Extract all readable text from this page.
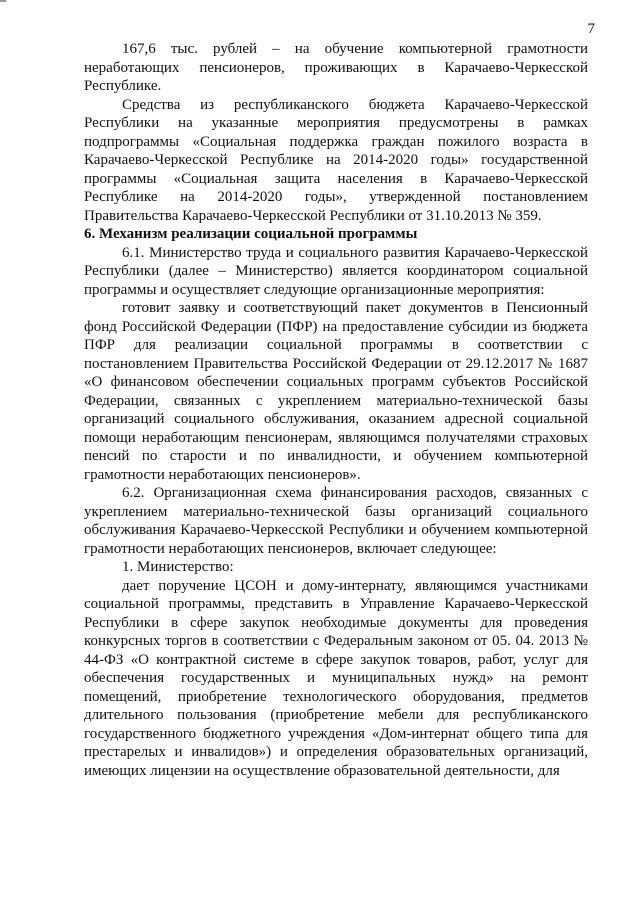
7

167,6 тыс. рублей – на обучение компьютерной грамотности неработающих пенсионеров, проживающих в Карачаево-Черкесской Республике.

Средства из республиканского бюджета Карачаево-Черкесской Республики на указанные мероприятия предусмотрены в рамках подпрограммы «Социальная поддержка граждан пожилого возраста в Карачаево-Черкесской Республике на 2014-2020 годы» государственной программы «Социальная защита населения в Карачаево-Черкесской Республике на 2014-2020 годы», утвержденной постановлением Правительства Карачаево-Черкесской Республики от 31.10.2013 № 359.

6. Механизм реализации социальной программы

6.1. Министерство труда и социального развития Карачаево-Черкесской Республики (далее – Министерство) является координатором социальной программы и осуществляет следующие организационные мероприятия:

готовит заявку и соответствующий пакет документов в Пенсионный фонд Российской Федерации (ПФР) на предоставление субсидии из бюджета ПФР для реализации социальной программы в соответствии с постановлением Правительства Российской Федерации от 29.12.2017 № 1687 «О финансовом обеспечении социальных программ субъектов Российской Федерации, связанных с укреплением материально-технической базы организаций социального обслуживания, оказанием адресной социальной помощи неработающим пенсионерам, являющимся получателями страховых пенсий по старости и по инвалидности, и обучением компьютерной грамотности неработающих пенсионеров».

6.2. Организационная схема финансирования расходов, связанных с укреплением материально-технической базы организаций социального обслуживания Карачаево-Черкесской Республики и обучением компьютерной грамотности неработающих пенсионеров, включает следующее:

1. Министерство:

дает поручение ЦСОН и дому-интернату, являющимся участниками социальной программы, представить в Управление Карачаево-Черкесской Республики в сфере закупок необходимые документы для проведения конкурсных торгов в соответствии с Федеральным законом от 05. 04. 2013 № 44-ФЗ «О контрактной системе в сфере закупок товаров, работ, услуг для обеспечения государственных и муниципальных нужд» на ремонт помещений, приобретение технологического оборудования, предметов длительного пользования (приобретение мебели для республиканского государственного бюджетного учреждения «Дом-интернат общего типа для престарелых и инвалидов») и определения образовательных организаций, имеющих лицензии на осуществление образовательной деятельности, для
